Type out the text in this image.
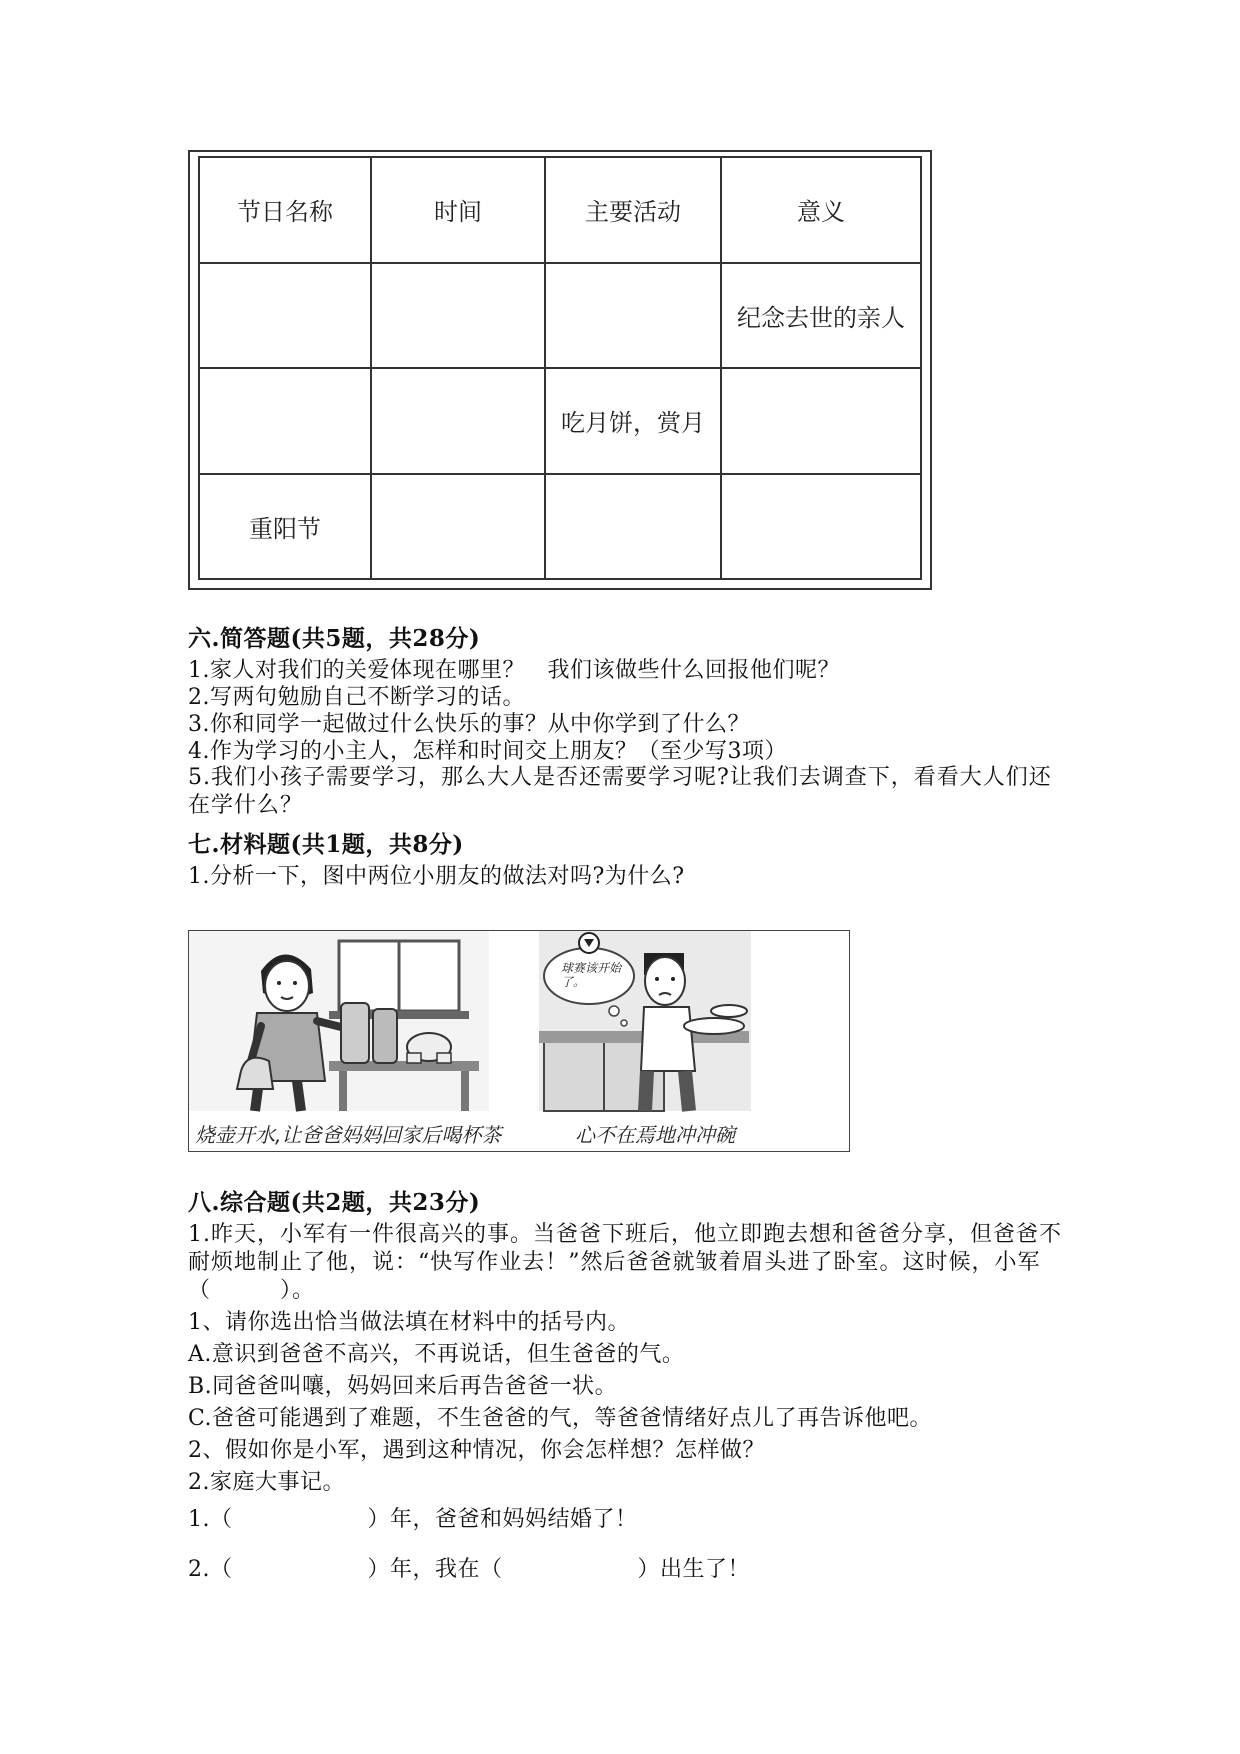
节日名称	时间	主要活动	意义
			纪念去世的亲人
		吃月饼，赏月	
重阳节			
六.简答题(共5题，共28分)
1.家人对我们的关爱体现在哪里？　我们该做些什么回报他们呢？
2.写两句勉励自己不断学习的话。
3.你和同学一起做过什么快乐的事？从中你学到了什么？
4.作为学习的小主人，怎样和时间交上朋友？（至少写3项）
5.我们小孩子需要学习，那么大人是否还需要学习呢?让我们去调查下，看看大人们还在学什么？
七.材料题(共1题，共8分)
1.分析一下，图中两位小朋友的做法对吗?为什么?
烧壶开水,让爸爸妈妈回家后喝杯茶	心不在焉地冲冲碗
球赛该开始了。
八.综合题(共2题，共23分)
1.昨天，小军有一件很高兴的事。当爸爸下班后，他立即跑去想和爸爸分享，但爸爸不耐烦地制止了他，说：“快写作业去！”然后爸爸就皱着眉头进了卧室。这时候，小军（　　　）。
1、请你选出恰当做法填在材料中的括号内。
A.意识到爸爸不高兴，不再说话，但生爸爸的气。
B.同爸爸叫嚷，妈妈回来后再告爸爸一状。
C.爸爸可能遇到了难题，不生爸爸的气，等爸爸情绪好点儿了再告诉他吧。
2、假如你是小军，遇到这种情况，你会怎样想？怎样做？
2.家庭大事记。
1.（　　　　　　）年，爸爸和妈妈结婚了！
2.（　　　　　　）年，我在（　　　　　　）出生了！
